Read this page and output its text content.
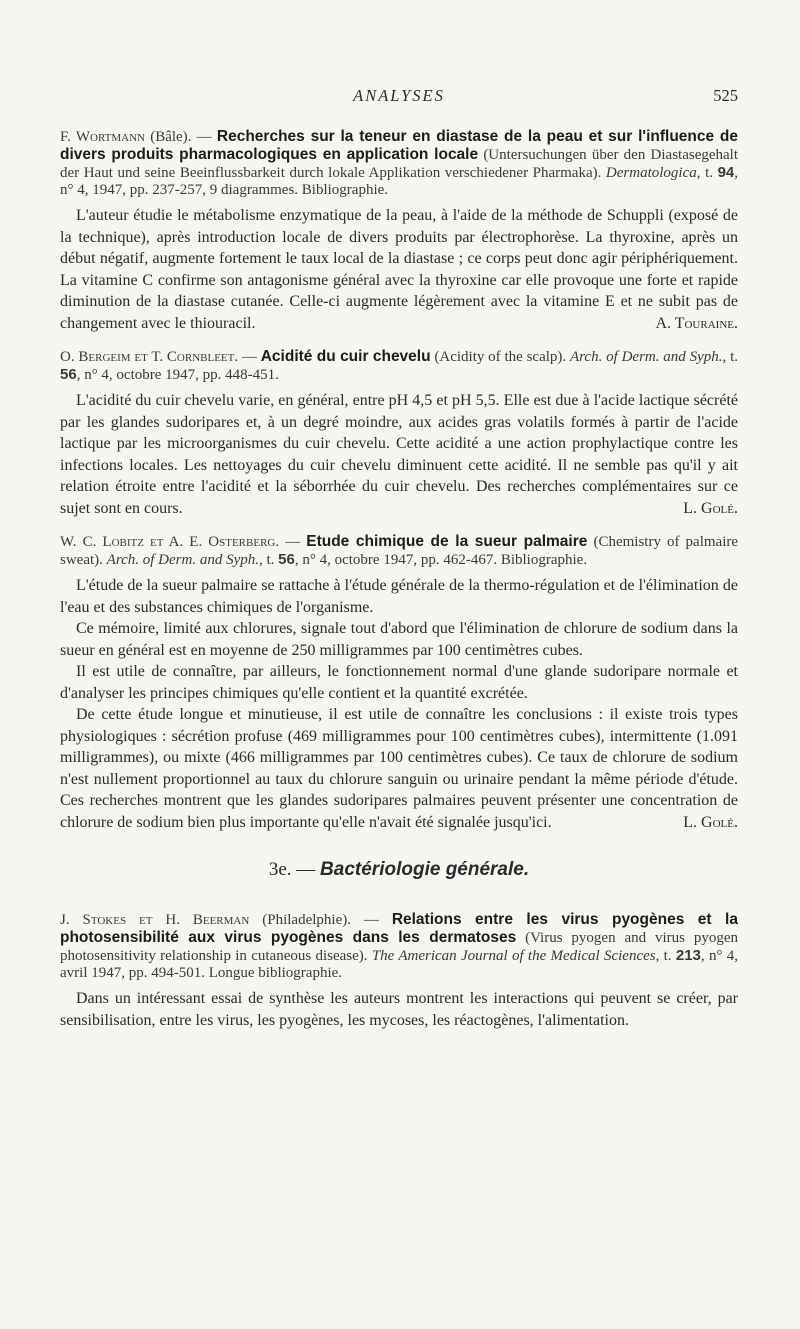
ANALYSES	525

F. Wortmann (Bâle). — Recherches sur la teneur en diastase de la peau et sur l'influence de divers produits pharmacologiques en application locale (Untersuchungen über den Diastasegehalt der Haut und seine Beeinflussbarkeit durch lokale Applikation verschiedener Pharmaka). Dermatologica, t. 94, n° 4, 1947, pp. 237-257, 9 diagrammes. Bibliographie.

L'auteur étudie le métabolisme enzymatique de la peau, à l'aide de la méthode de Schuppli (exposé de la technique), après introduction locale de divers produits par électrophorèse. La thyroxine, après un début négatif, augmente fortement le taux local de la diastase ; ce corps peut donc agir périphériquement. La vitamine C confirme son antagonisme général avec la thyroxine car elle provoque une forte et rapide diminution de la diastase cutanée. Celle-ci augmente légèrement avec la vitamine E et ne subit pas de changement avec le thiouracil.	A. Touraine.

O. Bergeim et T. Cornbleet. — Acidité du cuir chevelu (Acidity of the scalp). Arch. of Derm. and Syph., t. 56, n° 4, octobre 1947, pp. 448-451.

L'acidité du cuir chevelu varie, en général, entre pH 4,5 et pH 5,5. Elle est due à l'acide lactique sécrété par les glandes sudoripares et, à un degré moindre, aux acides gras volatils formés à partir de l'acide lactique par les microorganismes du cuir chevelu. Cette acidité a une action prophylactique contre les infections locales. Les nettoyages du cuir chevelu diminuent cette acidité. Il ne semble pas qu'il y ait relation étroite entre l'acidité et la séborrhée du cuir chevelu. Des recherches complémentaires sur ce sujet sont en cours.	L. Golé.

W. C. Lobitz et A. E. Osterberg. — Etude chimique de la sueur palmaire (Chemistry of palmaire sweat). Arch. of Derm. and Syph., t. 56, n° 4, octobre 1947, pp. 462-467. Bibliographie.

L'étude de la sueur palmaire se rattache à l'étude générale de la thermo-régulation et de l'élimination de l'eau et des substances chimiques de l'organisme.

Ce mémoire, limité aux chlorures, signale tout d'abord que l'élimination de chlorure de sodium dans la sueur en général est en moyenne de 250 milligrammes par 100 centimètres cubes.

Il est utile de connaître, par ailleurs, le fonctionnement normal d'une glande sudoripare normale et d'analyser les principes chimiques qu'elle contient et la quantité excrétée.

De cette étude longue et minutieuse, il est utile de connaître les conclusions : il existe trois types physiologiques : sécrétion profuse (469 milligrammes pour 100 centimètres cubes), intermittente (1.091 milligrammes), ou mixte (466 milligrammes par 100 centimètres cubes). Ce taux de chlorure de sodium n'est nullement proportionnel au taux du chlorure sanguin ou urinaire pendant la même période d'étude. Ces recherches montrent que les glandes sudoripares palmaires peuvent présenter une concentration de chlorure de sodium bien plus importante qu'elle n'avait été signalée jusqu'ici.	L. Golé.

3e. — Bactériologie générale.

J. Stokes et H. Beerman (Philadelphie). — Relations entre les virus pyogènes et la photosensibilité aux virus pyogènes dans les dermatoses (Virus pyogen and virus pyogen photosensitivity relationship in cutaneous disease). The American Journal of the Medical Sciences, t. 213, n° 4, avril 1947, pp. 494-501. Longue bibliographie.

Dans un intéressant essai de synthèse les auteurs montrent les interactions qui peuvent se créer, par sensibilisation, entre les virus, les pyogènes, les mycoses, les réactogènes, l'alimentation.
